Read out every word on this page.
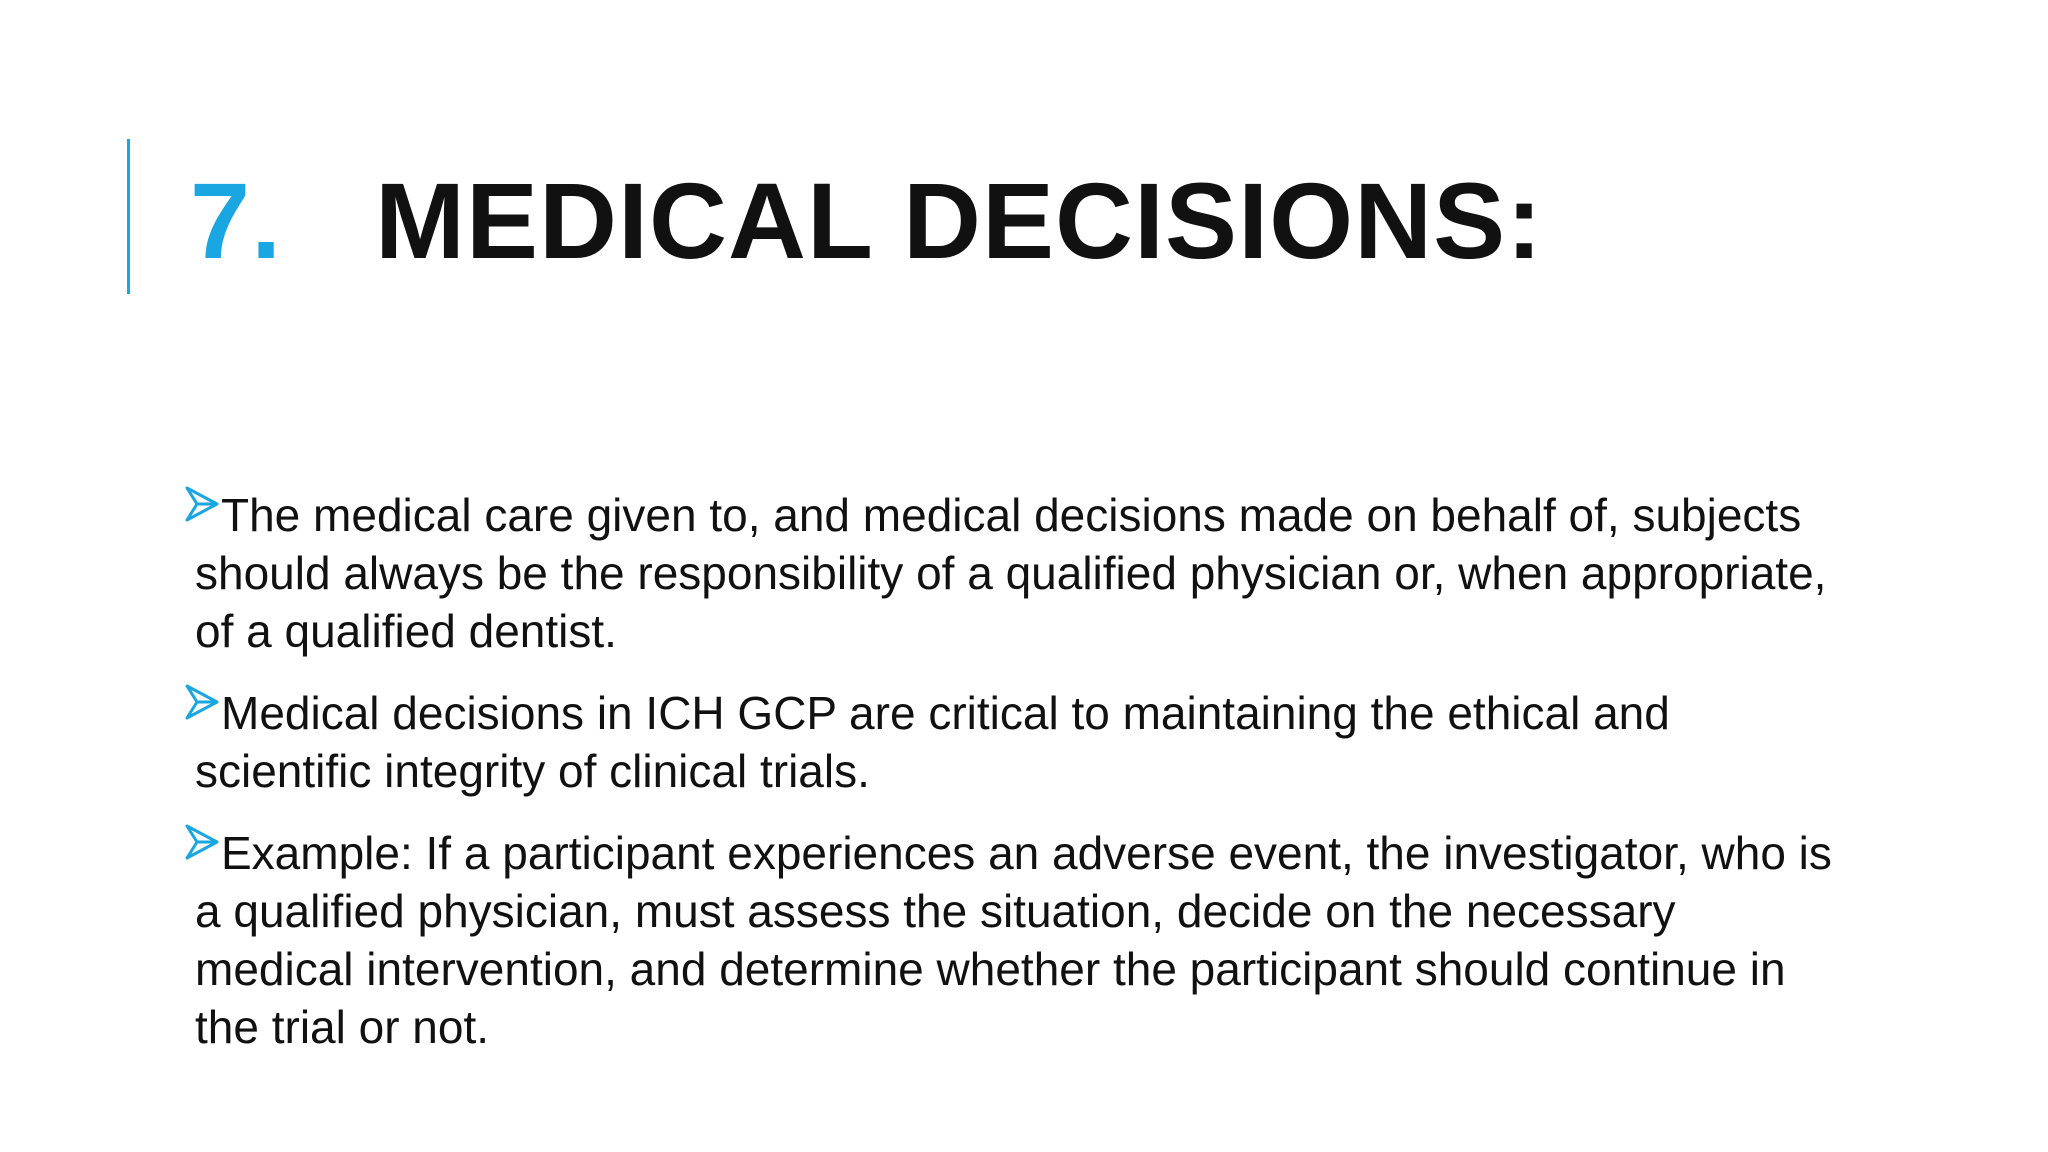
7. MEDICAL DECISIONS:
The medical care given to, and medical decisions made on behalf of, subjects should always be the responsibility of a qualified physician or, when appropriate, of a qualified dentist.
Medical decisions in ICH GCP are critical to maintaining the ethical and scientific integrity of clinical trials.
Example: If a participant experiences an adverse event, the investigator, who is a qualified physician, must assess the situation, decide on the necessary medical intervention, and determine whether the participant should continue in the trial or not.
